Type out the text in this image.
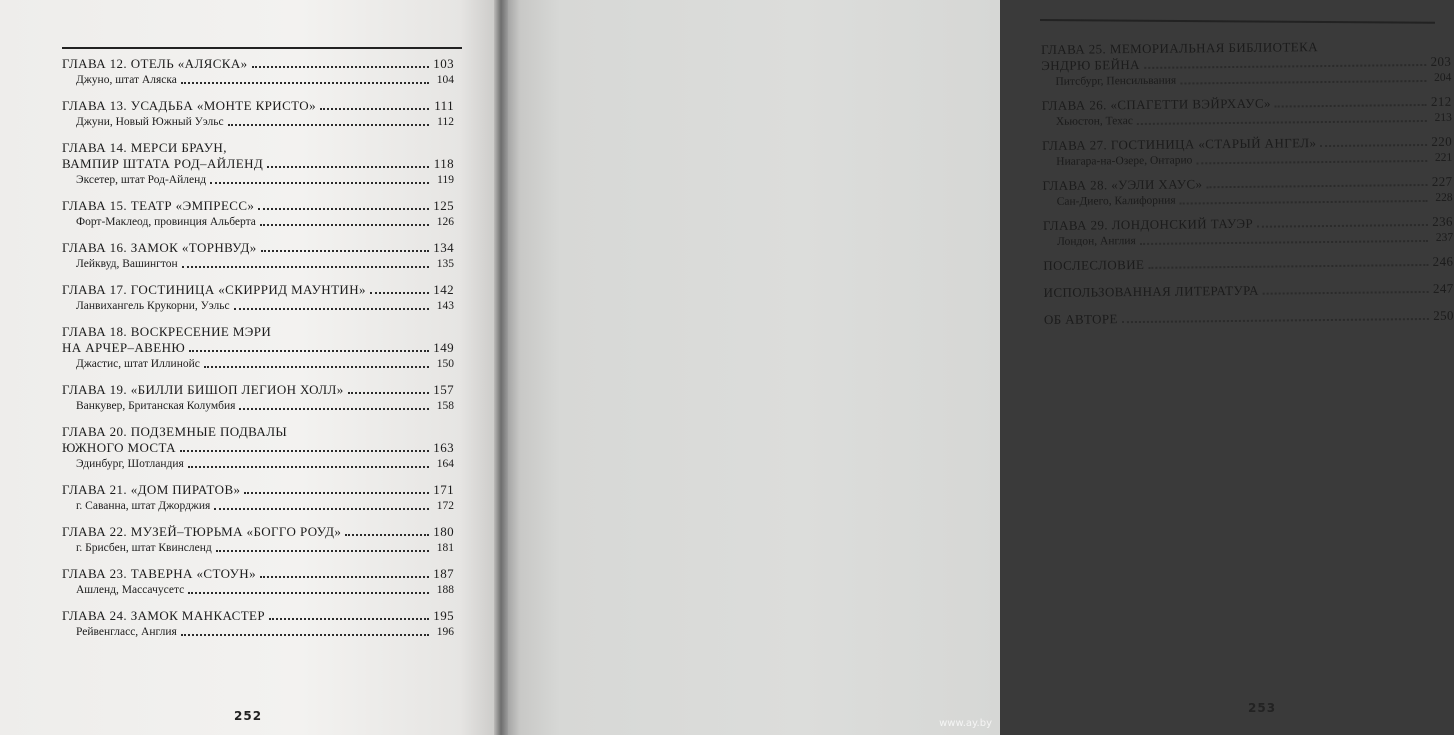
ГЛАВА 12. ОТЕЛЬ «АЛЯСКА»	103
Джуно, штат Аляска	104
ГЛАВА 13. УСАДЬБА «МОНТЕ КРИСТО»	111
Джуни, Новый Южный Уэльс	112
ГЛАВА 14. МЕРСИ БРАУН,
ВАМПИР ШТАТА РОД–АЙЛЕНД	118
Эксетер, штат Род-Айленд	119
ГЛАВА 15. ТЕАТР «ЭМПРЕСС»	125
Форт-Маклеод, провинция Альберта	126
ГЛАВА 16. ЗАМОК «ТОРНВУД»	134
Лейквуд, Вашингтон	135
ГЛАВА 17. ГОСТИНИЦА «СКИРРИД МАУНТИН»	142
Ланвихангель Крукорни, Уэльс	143
ГЛАВА 18. ВОСКРЕСЕНИЕ МЭРИ
НА АРЧЕР–АВЕНЮ	149
Джастис, штат Иллинойс	150
ГЛАВА 19. «БИЛЛИ БИШОП ЛЕГИОН ХОЛЛ»	157
Ванкувер, Британская Колумбия	158
ГЛАВА 20. ПОДЗЕМНЫЕ ПОДВАЛЫ
ЮЖНОГО МОСТА	163
Эдинбург, Шотландия	164
ГЛАВА 21. «ДОМ ПИРАТОВ»	171
г. Саванна, штат Джорджия	172
ГЛАВА 22. МУЗЕЙ–ТЮРЬМА «БОГГО РОУД»	180
г. Брисбен, штат Квинсленд	181
ГЛАВА 23. ТАВЕРНА «СТОУН»	187
Ашленд, Массачусетс	188
ГЛАВА 24. ЗАМОК МАНКАСТЕР	195
Рейвенгласс, Англия	196
252
ГЛАВА 25. МЕМОРИАЛЬНАЯ БИБЛИОТЕКА
ЭНДРЮ БЕЙНА	203
Питсбург, Пенсильвания	204
ГЛАВА 26. «СПАГЕТТИ ВЭЙРХАУС»	212
Хьюстон, Техас	213
ГЛАВА 27. ГОСТИНИЦА «СТАРЫЙ АНГЕЛ»	220
Ниагара-на-Озере, Онтарио	221
ГЛАВА 28. «УЭЛИ ХАУС»	227
Сан-Диего, Калифорния	228
ГЛАВА 29. ЛОНДОНСКИЙ ТАУЭР	236
Лондон, Англия	237
ПОСЛЕСЛОВИЕ	246
ИСПОЛЬЗОВАННАЯ ЛИТЕРАТУРА	247
ОБ АВТОРЕ	250
253
www.ay.by
